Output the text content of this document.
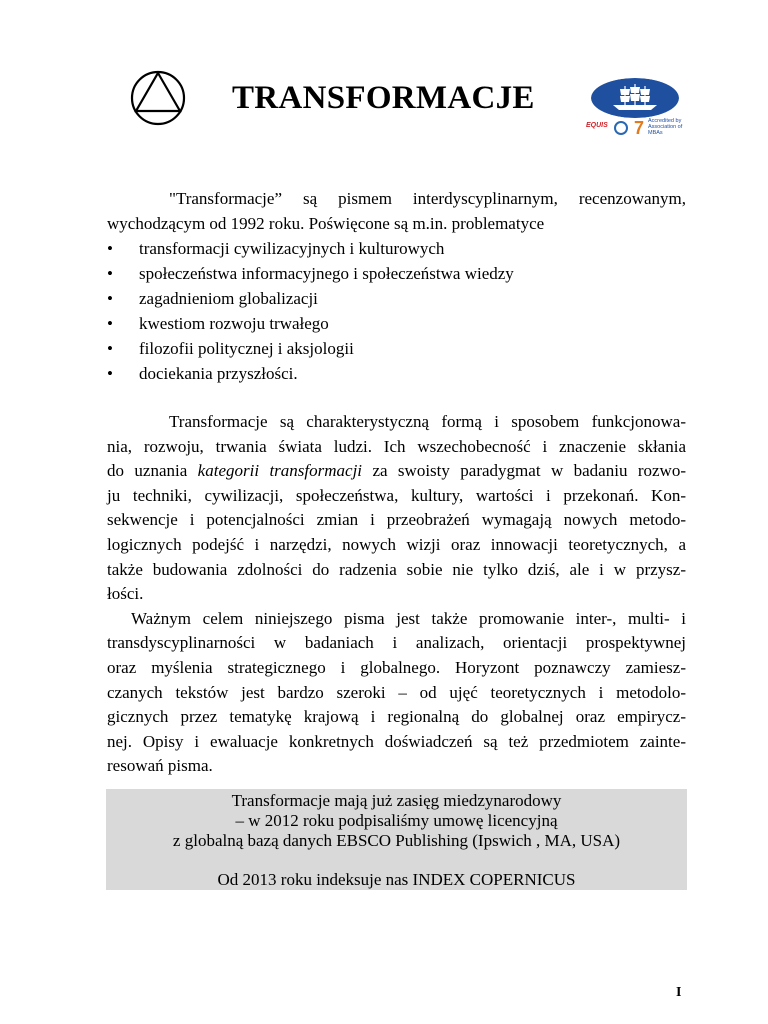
TRANSFORMACJE
EQUIS 7 Accredited by Association of MBAs
"Transformacje” są pismem interdyscyplinarnym, recenzowanym,
wychodzącym od 1992 roku. Poświęcone są m.in. problematyce
• transformacji cywilizacyjnych i kulturowych
• społeczeństwa informacyjnego i społeczeństwa wiedzy
• zagadnieniom globalizacji
• kwestiom rozwoju trwałego
• filozofii politycznej i aksjologii
• dociekania przyszłości.
Transformacje są charakterystyczną formą i sposobem funkcjonowa-
nia, rozwoju, trwania świata ludzi. Ich wszechobecność i znaczenie skłania
do uznania kategorii transformacji za swoisty paradygmat w badaniu rozwo-
ju techniki, cywilizacji, społeczeństwa, kultury, wartości i przekonań. Kon-
sekwencje i potencjalności zmian i przeobrażeń wymagają nowych metodo-
logicznych podejść i narzędzi, nowych wizji oraz innowacji teoretycznych, a
także budowania zdolności do radzenia sobie nie tylko dziś, ale i w przysz-
łości.
Ważnym celem niniejszego pisma jest także promowanie inter-, multi- i
transdyscyplinarności w badaniach i analizach, orientacji prospektywnej
oraz myślenia strategicznego i globalnego. Horyzont poznawczy zamiesz-
czanych tekstów jest bardzo szeroki – od ujęć teoretycznych i metodolo-
gicznych przez tematykę krajową i regionalną do globalnej oraz empirycz-
nej. Opisy i ewaluacje konkretnych doświadczeń są też przedmiotem zainte-
resowań pisma.
Transformacje mają już zasięg miedzynarodowy
– w 2012 roku podpisaliśmy umowę licencyjną
z globalną bazą danych EBSCO Publishing (Ipswich , MA, USA)
Od 2013 roku indeksuje nas INDEX COPERNICUS
I
